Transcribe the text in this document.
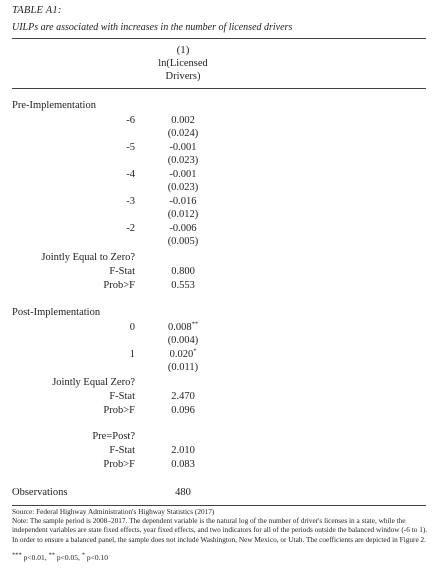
TABLE A1:
UILPs are associated with increases in the number of licensed drivers
(1)
ln(Licensed Drivers)
Pre-Implementation
-6	0.002
(0.024)
-5	-0.001
(0.023)
-4	-0.001
(0.023)
-3	-0.016
(0.012)
-2	-0.006
(0.005)
Jointly Equal to Zero?
F-Stat	0.800
Prob>F	0.553
Post-Implementation
0	0.008**
(0.004)
1	0.020*
(0.011)
Jointly Equal Zero?
F-Stat	2.470
Prob>F	0.096
Pre=Post?
F-Stat	2.010
Prob>F	0.083
Observations	480
Source: Federal Highway Administration's Highway Statistics (2017)
Note: The sample period is 2008–2017. The dependent variable is the natural log of the number of driver's licenses in a state, while the independent variables are state fixed effects, year fixed effects, and two indicators for all of the periods outside the balanced window (-6 to 1). In order to ensure a balanced panel, the sample does not include Washington, New Mexico, or Utah. The coefficients are depicted in Figure 2.
*** p<0.01, ** p<0.05, * p<0.10
